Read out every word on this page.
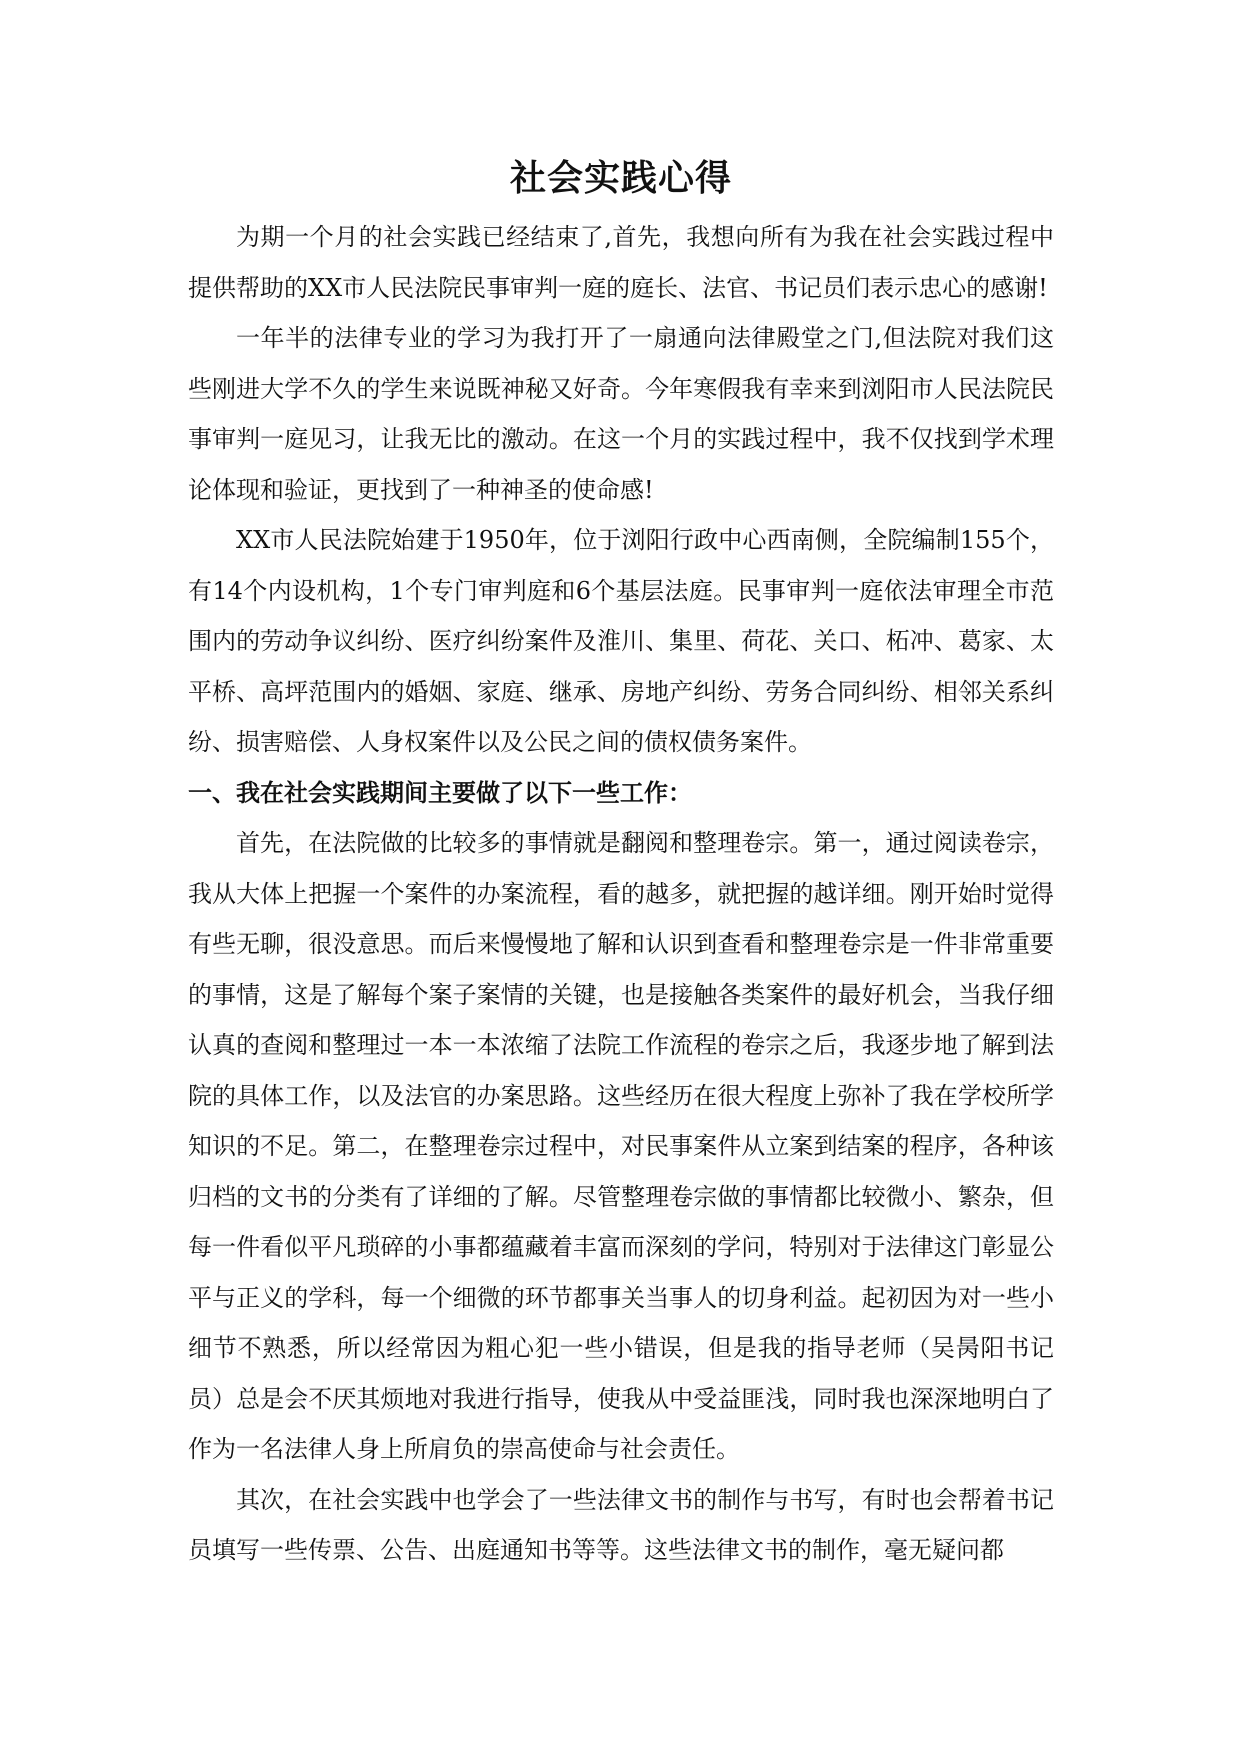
社会实践心得

为期一个月的社会实践已经结束了,首先，我想向所有为我在社会实践过程中提供帮助的XX市人民法院民事审判一庭的庭长、法官、书记员们表示忠心的感谢!

一年半的法律专业的学习为我打开了一扇通向法律殿堂之门,但法院对我们这些刚进大学不久的学生来说既神秘又好奇。今年寒假我有幸来到浏阳市人民法院民事审判一庭见习，让我无比的激动。在这一个月的实践过程中，我不仅找到学术理论体现和验证，更找到了一种神圣的使命感!

XX市人民法院始建于1950年，位于浏阳行政中心西南侧，全院编制155个，有14个内设机构，1个专门审判庭和6个基层法庭。民事审判一庭依法审理全市范围内的劳动争议纠纷、医疗纠纷案件及淮川、集里、荷花、关口、柘冲、葛家、太平桥、高坪范围内的婚姻、家庭、继承、房地产纠纷、劳务合同纠纷、相邻关系纠纷、损害赔偿、人身权案件以及公民之间的债权债务案件。

一、我在社会实践期间主要做了以下一些工作：

首先，在法院做的比较多的事情就是翻阅和整理卷宗。第一，通过阅读卷宗，我从大体上把握一个案件的办案流程，看的越多，就把握的越详细。刚开始时觉得有些无聊，很没意思。而后来慢慢地了解和认识到查看和整理卷宗是一件非常重要的事情，这是了解每个案子案情的关键，也是接触各类案件的最好机会，当我仔细认真的查阅和整理过一本一本浓缩了法院工作流程的卷宗之后，我逐步地了解到法院的具体工作，以及法官的办案思路。这些经历在很大程度上弥补了我在学校所学知识的不足。第二，在整理卷宗过程中，对民事案件从立案到结案的程序，各种该归档的文书的分类有了详细的了解。尽管整理卷宗做的事情都比较微小、繁杂，但每一件看似平凡琐碎的小事都蕴藏着丰富而深刻的学问，特别对于法律这门彰显公平与正义的学科，每一个细微的环节都事关当事人的切身利益。起初因为对一些小细节不熟悉，所以经常因为粗心犯一些小错误，但是我的指导老师（吴昺阳书记员）总是会不厌其烦地对我进行指导，使我从中受益匪浅，同时我也深深地明白了作为一名法律人身上所肩负的崇高使命与社会责任。

其次，在社会实践中也学会了一些法律文书的制作与书写，有时也会帮着书记员填写一些传票、公告、出庭通知书等等。这些法律文书的制作，毫无疑问都
